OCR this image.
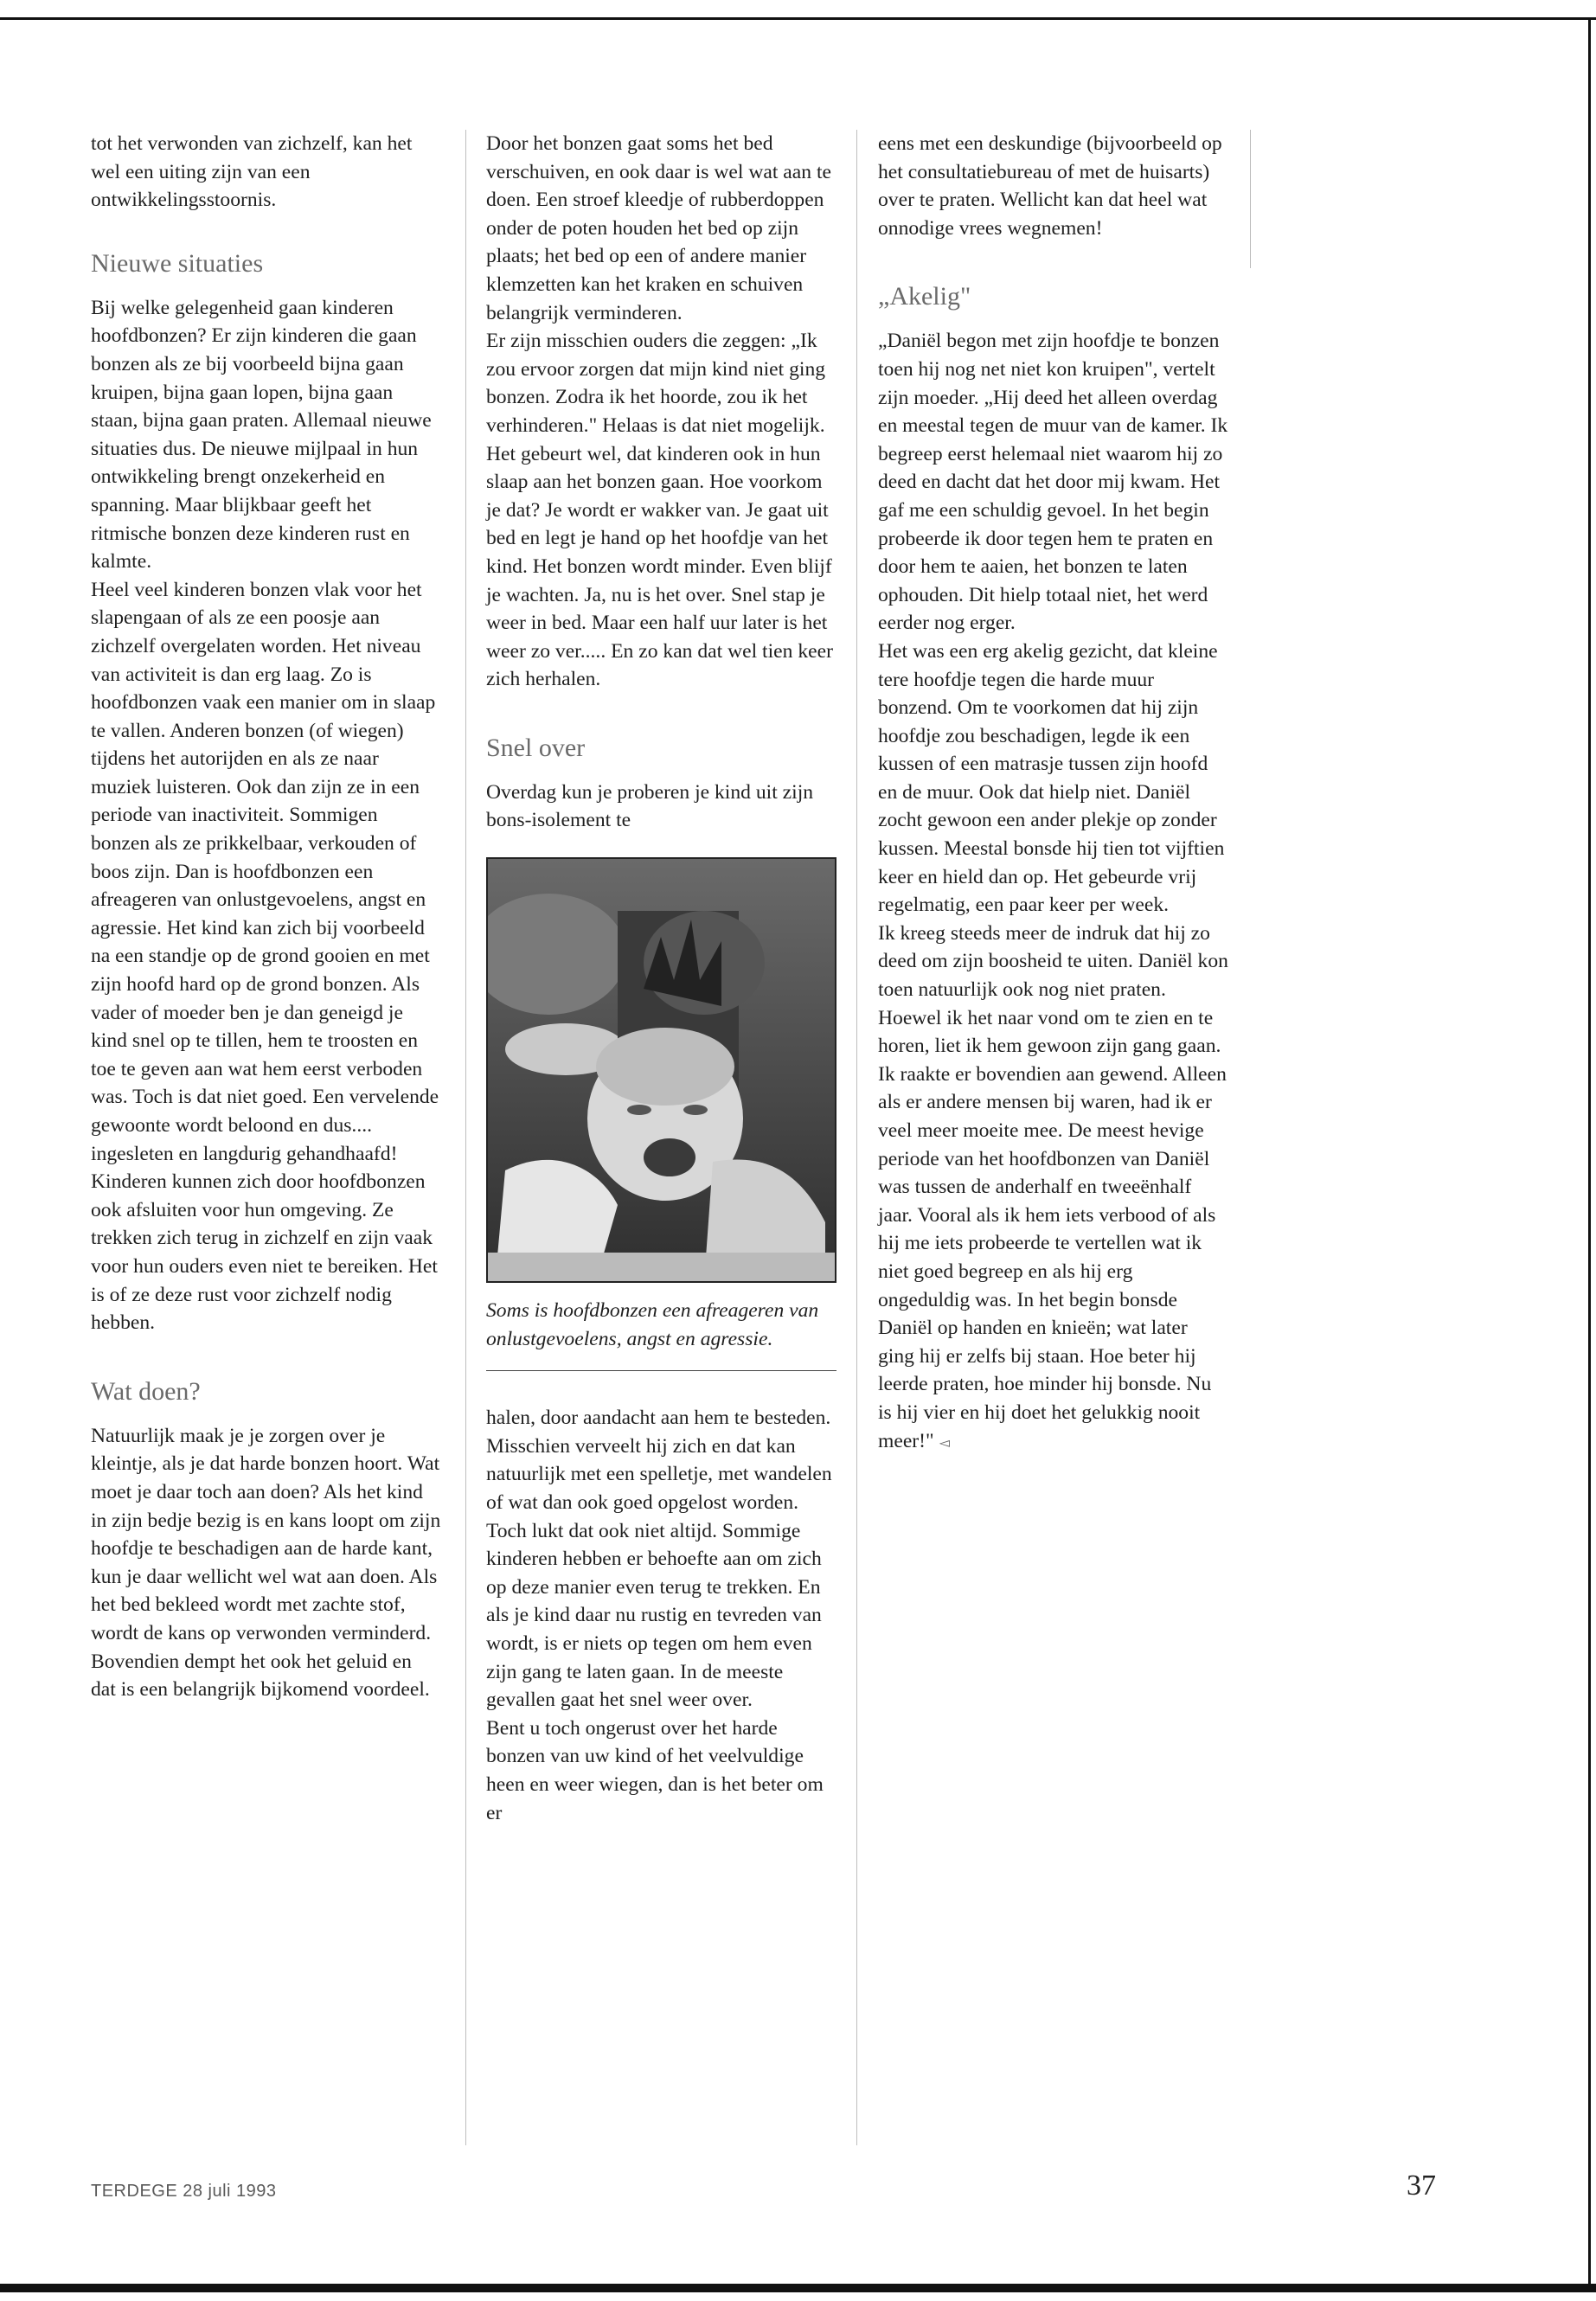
tot het verwonden van zichzelf, kan het wel een uiting zijn van een ontwikkelingsstoornis.

Nieuwe situaties

Bij welke gelegenheid gaan kinderen hoofdbonzen? Er zijn kinderen die gaan bonzen als ze bij voorbeeld bijna gaan kruipen, bijna gaan lopen, bijna gaan staan, bijna gaan praten. Allemaal nieuwe situaties dus. De nieuwe mijlpaal in hun ontwikkeling brengt onzekerheid en spanning. Maar blijkbaar geeft het ritmische bonzen deze kinderen rust en kalmte.

Heel veel kinderen bonzen vlak voor het slapengaan of als ze een poosje aan zichzelf overgelaten worden. Het niveau van activiteit is dan erg laag. Zo is hoofdbonzen vaak een manier om in slaap te vallen. Anderen bonzen (of wiegen) tijdens het autorijden en als ze naar muziek luisteren. Ook dan zijn ze in een periode van inactiviteit. Sommigen bonzen als ze prikkelbaar, verkouden of boos zijn. Dan is hoofdbonzen een afreageren van onlustgevoelens, angst en agressie. Het kind kan zich bij voorbeeld na een standje op de grond gooien en met zijn hoofd hard op de grond bonzen. Als vader of moeder ben je dan geneigd je kind snel op te tillen, hem te troosten en toe te geven aan wat hem eerst verboden was. Toch is dat niet goed. Een vervelende gewoonte wordt beloond en dus.... ingesleten en langdurig gehandhaafd!

Kinderen kunnen zich door hoofdbonzen ook afsluiten voor hun omgeving. Ze trekken zich terug in zichzelf en zijn vaak voor hun ouders even niet te bereiken. Het is of ze deze rust voor zichzelf nodig hebben.

Wat doen?

Natuurlijk maak je je zorgen over je kleintje, als je dat harde bonzen hoort. Wat moet je daar toch aan doen? Als het kind in zijn bedje bezig is en kans loopt om zijn hoofdje te beschadigen aan de harde kant, kun je daar wellicht wel wat aan doen. Als het bed bekleed wordt met zachte stof, wordt de kans op verwonden verminderd. Bovendien dempt het ook het geluid en dat is een belangrijk bijkomend voordeel.

Door het bonzen gaat soms het bed verschuiven, en ook daar is wel wat aan te doen. Een stroef kleedje of rubberdoppen onder de poten houden het bed op zijn plaats; het bed op een of andere manier klemzetten kan het kraken en schuiven belangrijk verminderen.

Er zijn misschien ouders die zeggen: „Ik zou ervoor zorgen dat mijn kind niet ging bonzen. Zodra ik het hoorde, zou ik het verhinderen." Helaas is dat niet mogelijk. Het gebeurt wel, dat kinderen ook in hun slaap aan het bonzen gaan. Hoe voorkom je dat? Je wordt er wakker van. Je gaat uit bed en legt je hand op het hoofdje van het kind. Het bonzen wordt minder. Even blijf je wachten. Ja, nu is het over. Snel stap je weer in bed. Maar een half uur later is het weer zo ver..... En zo kan dat wel tien keer zich herhalen.

Snel over

Overdag kun je proberen je kind uit zijn bons-isolement te

Soms is hoofdbonzen een afreageren van onlustgevoelens, angst en agressie.

halen, door aandacht aan hem te besteden. Misschien verveelt hij zich en dat kan natuurlijk met een spelletje, met wandelen of wat dan ook goed opgelost worden. Toch lukt dat ook niet altijd. Sommige kinderen hebben er behoefte aan om zich op deze manier even terug te trekken. En als je kind daar nu rustig en tevreden van wordt, is er niets op tegen om hem even zijn gang te laten gaan. In de meeste gevallen gaat het snel weer over.

Bent u toch ongerust over het harde bonzen van uw kind of het veelvuldige heen en weer wiegen, dan is het beter om er

eens met een deskundige (bijvoorbeeld op het consultatiebureau of met de huisarts) over te praten. Wellicht kan dat heel wat onnodige vrees wegnemen!

„Akelig"

„Daniël begon met zijn hoofdje te bonzen toen hij nog net niet kon kruipen", vertelt zijn moeder. „Hij deed het alleen overdag en meestal tegen de muur van de kamer. Ik begreep eerst helemaal niet waarom hij zo deed en dacht dat het door mij kwam. Het gaf me een schuldig gevoel. In het begin probeerde ik door tegen hem te praten en door hem te aaien, het bonzen te laten ophouden. Dit hielp totaal niet, het werd eerder nog erger.

Het was een erg akelig gezicht, dat kleine tere hoofdje tegen die harde muur bonzend. Om te voorkomen dat hij zijn hoofdje zou beschadigen, legde ik een kussen of een matrasje tussen zijn hoofd en de muur. Ook dat hielp niet. Daniël zocht gewoon een ander plekje op zonder kussen. Meestal bonsde hij tien tot vijftien keer en hield dan op. Het gebeurde vrij regelmatig, een paar keer per week.

Ik kreeg steeds meer de indruk dat hij zo deed om zijn boosheid te uiten. Daniël kon toen natuurlijk ook nog niet praten. Hoewel ik het naar vond om te zien en te horen, liet ik hem gewoon zijn gang gaan. Ik raakte er bovendien aan gewend. Alleen als er andere mensen bij waren, had ik er veel meer moeite mee. De meest hevige periode van het hoofdbonzen van Daniël was tussen de anderhalf en tweeënhalf jaar. Vooral als ik hem iets verbood of als hij me iets probeerde te vertellen wat ik niet goed begreep en als hij erg ongeduldig was. In het begin bonsde Daniël op handen en knieën; wat later ging hij er zelfs bij staan. Hoe beter hij leerde praten, hoe minder hij bonsde. Nu is hij vier en hij doet het gelukkig nooit meer!" ◅

TERDEGE 28 juli 1993	37
